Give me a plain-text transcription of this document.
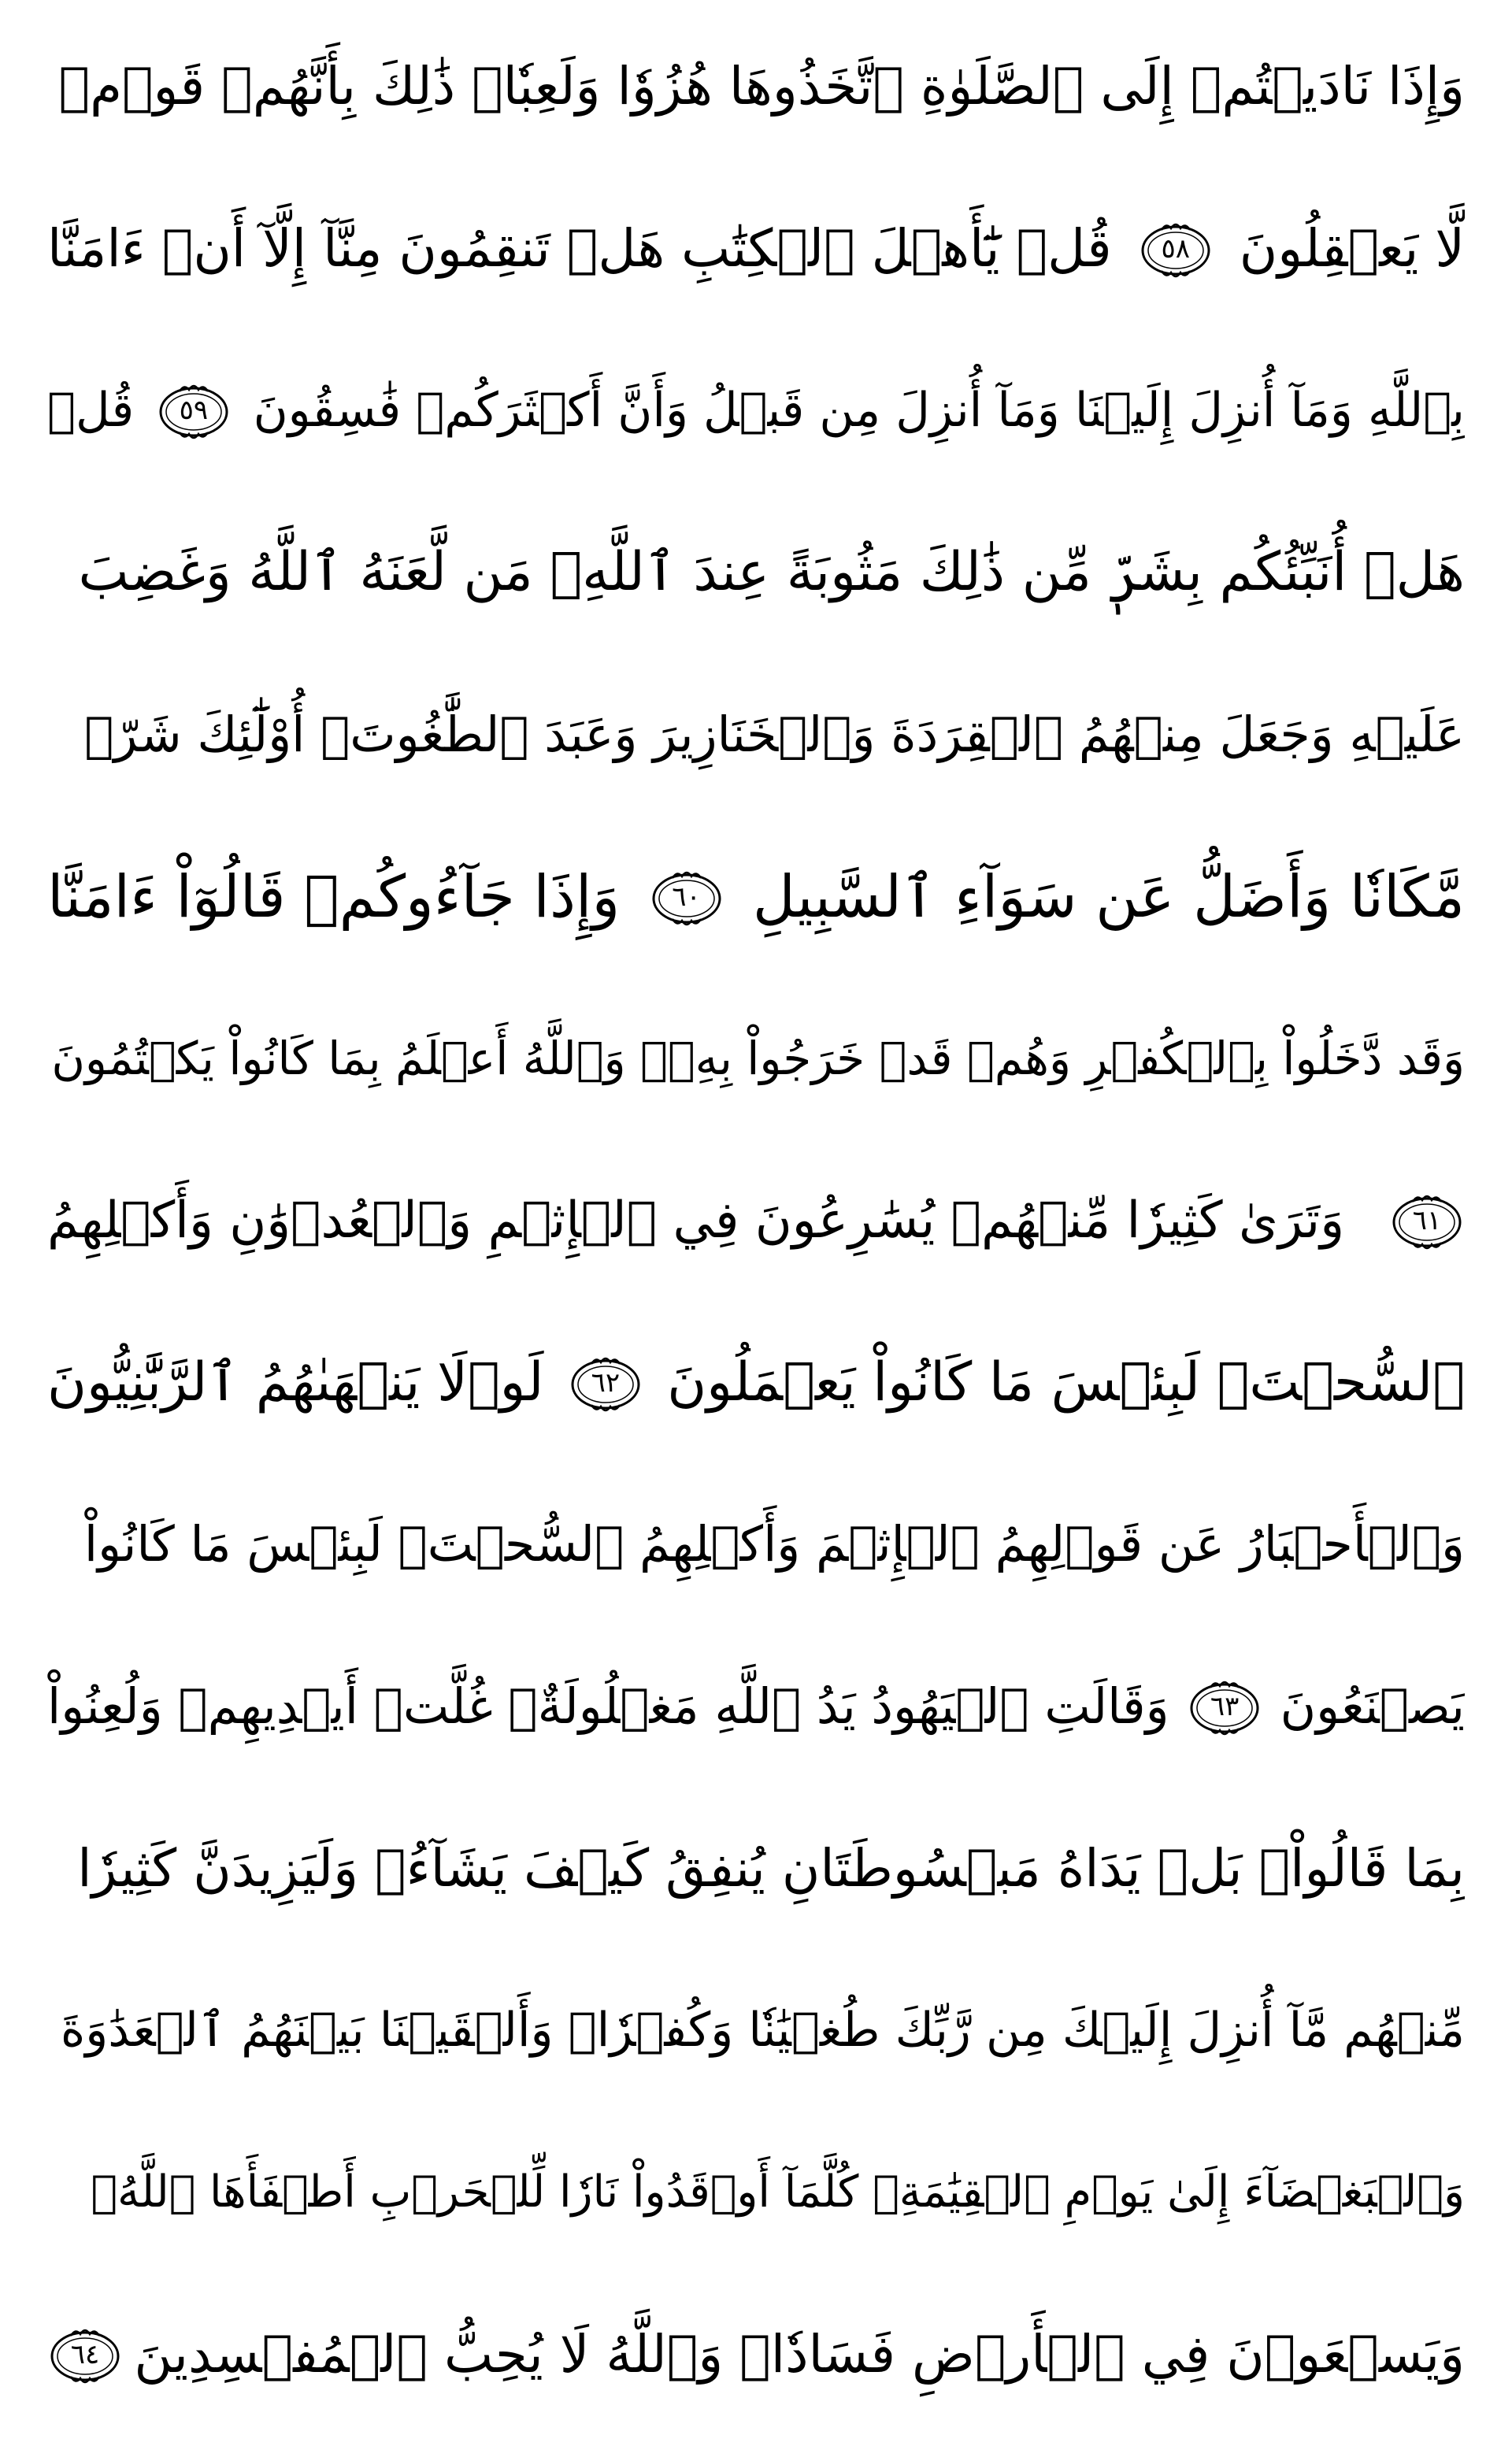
وَإِذَا نَادَيۡتُمۡ إِلَى ٱلصَّلَوٰةِ ٱتَّخَذُوهَا هُزُوٗا وَلَعِبٗاۚ ذَٰلِكَ بِأَنَّهُمۡ قَوۡمٞ
لَّا يَعۡقِلُونَ
٥٨
قُلۡ يَٰٓأَهۡلَ ٱلۡكِتَٰبِ هَلۡ تَنقِمُونَ مِنَّآ إِلَّآ أَنۡ ءَامَنَّا
بِٱللَّهِ وَمَآ أُنزِلَ إِلَيۡنَا وَمَآ أُنزِلَ مِن قَبۡلُ وَأَنَّ أَكۡثَرَكُمۡ فَٰسِقُونَ
٥٩
قُلۡ
هَلۡ أُنَبِّئُكُم بِشَرّٖ مِّن ذَٰلِكَ مَثُوبَةً عِندَ ٱللَّهِۚ مَن لَّعَنَهُ ٱللَّهُ وَغَضِبَ
عَلَيۡهِ وَجَعَلَ مِنۡهُمُ ٱلۡقِرَدَةَ وَٱلۡخَنَازِيرَ وَعَبَدَ ٱلطَّٰغُوتَۚ أُوْلَٰٓئِكَ شَرّٞ
مَّكَانٗا وَأَضَلُّ عَن سَوَآءِ ٱلسَّبِيلِ
٦٠
وَإِذَا جَآءُوكُمۡ قَالُوٓاْ ءَامَنَّا
وَقَد دَّخَلُواْ بِٱلۡكُفۡرِ وَهُمۡ قَدۡ خَرَجُواْ بِهِۦۚ وَٱللَّهُ أَعۡلَمُ بِمَا كَانُواْ يَكۡتُمُونَ
٦١
وَتَرَىٰ كَثِيرٗا مِّنۡهُمۡ يُسَٰرِعُونَ فِي ٱلۡإِثۡمِ وَٱلۡعُدۡوَٰنِ وَأَكۡلِهِمُ
ٱلسُّحۡتَۚ لَبِئۡسَ مَا كَانُواْ يَعۡمَلُونَ
٦٢
لَوۡلَا يَنۡهَىٰهُمُ ٱلرَّبَّٰنِيُّونَ
وَٱلۡأَحۡبَارُ عَن قَوۡلِهِمُ ٱلۡإِثۡمَ وَأَكۡلِهِمُ ٱلسُّحۡتَۚ لَبِئۡسَ مَا كَانُواْ
يَصۡنَعُونَ
٦٣
وَقَالَتِ ٱلۡيَهُودُ يَدُ ٱللَّهِ مَغۡلُولَةٌۚ غُلَّتۡ أَيۡدِيهِمۡ وَلُعِنُواْ
بِمَا قَالُواْۘ بَلۡ يَدَاهُ مَبۡسُوطَتَانِ يُنفِقُ كَيۡفَ يَشَآءُۚ وَلَيَزِيدَنَّ كَثِيرٗا
مِّنۡهُم مَّآ أُنزِلَ إِلَيۡكَ مِن رَّبِّكَ طُغۡيَٰنٗا وَكُفۡرٗاۚ وَأَلۡقَيۡنَا بَيۡنَهُمُ ٱلۡعَدَٰوَةَ
وَٱلۡبَغۡضَآءَ إِلَىٰ يَوۡمِ ٱلۡقِيَٰمَةِۚ كُلَّمَآ أَوۡقَدُواْ نَارٗا لِّلۡحَرۡبِ أَطۡفَأَهَا ٱللَّهُۚ
وَيَسۡعَوۡنَ فِي ٱلۡأَرۡضِ فَسَادٗاۚ وَٱللَّهُ لَا يُحِبُّ ٱلۡمُفۡسِدِينَ
٦٤
